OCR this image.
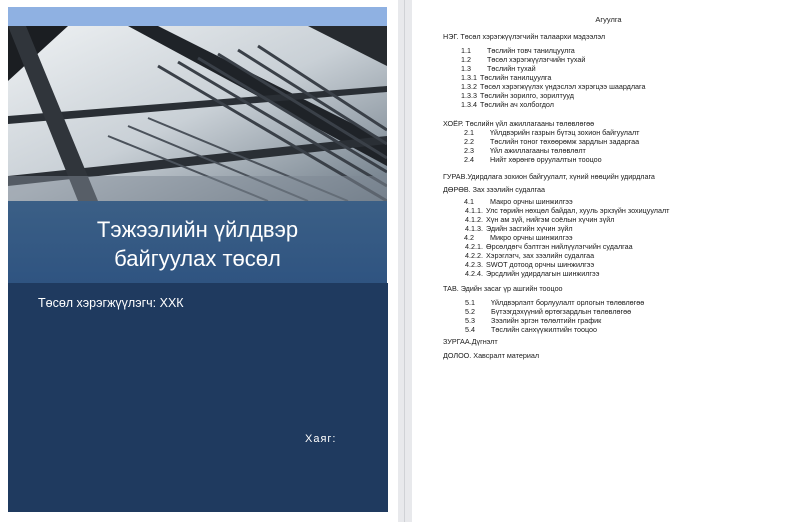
Тэжээлийн үйлдвэр
байгуулах төсөл
Төсөл хэрэгжүүлэгч: ХХК
Хаяг:
Агуулга
НЭГ. Төсөл хэрэгжүүлэгчийн талаархи мэдээлэл
1.1 Төслийн товч танилцуулга
1.2 Төсөл хэрэгжүүлэгчийн тухай
1.3 Төслийн тухай
1.3.1 Төслийн танилцуулга
1.3.2 Төсөл хэрэгжүүлэх үндэслэл хэрэгцээ шаардлага
1.3.3 Төслийн зорилго, зорилтууд
1.3.4 Төслийн ач холбогдол
ХОЁР. Төслийн үйл ажиллагааны төлөвлөгөө
2.1 Үйлдвэрийн газрын бүтэц зохион байгуулалт
2.2 Төслийн тоног төхөөрөмж зардлын задаргаа
2.3 Үйл ажиллагааны төлөвлөлт
2.4 Нийт хөрөнгө оруулалтын тооцоо
ГУРАВ.Удирдлага зохион байгуулалт, хүний нөөцийн удирдлага
ДӨРӨВ. Зах зээлийн судалгаа
4.1 Макро орчны шинжилгээ
4.1.1. Улс төрийн нөхцөл байдал, хууль эрхзүйн зохицуулалт
4.1.2. Хүн ам зүй, нийгэм соёлын хүчин зүйл
4.1.3. Эдийн засгийн хүчин зүйл
4.2 Микро орчны шинжилгээ
4.2.1. Өрсөлдөгч бэлтгэн нийлүүлэгчийн судалгаа
4.2.2. Хэрэглэгч, зах зээлийн судалгаа
4.2.3. SWOT дотоод орчны шинжилгээ
4.2.4. Эрсдлийн удирдлагын шинжилгээ
ТАВ. Эдийн засаг үр ашгийн тооцоо
5.1 Үйлдвэрлэлт борлуулалт орлогын төлөвлөгөө
5.2 Бүтээгдэхүүний өртөгзардлын төлөвлөгөө
5.3 Зээлийн эргэн төлөлтийн график
5.4 Төслийн санхүүжилтийн тооцоо
ЗУРГАА.Дүгнэлт
ДОЛОО. Хавсралт материал
